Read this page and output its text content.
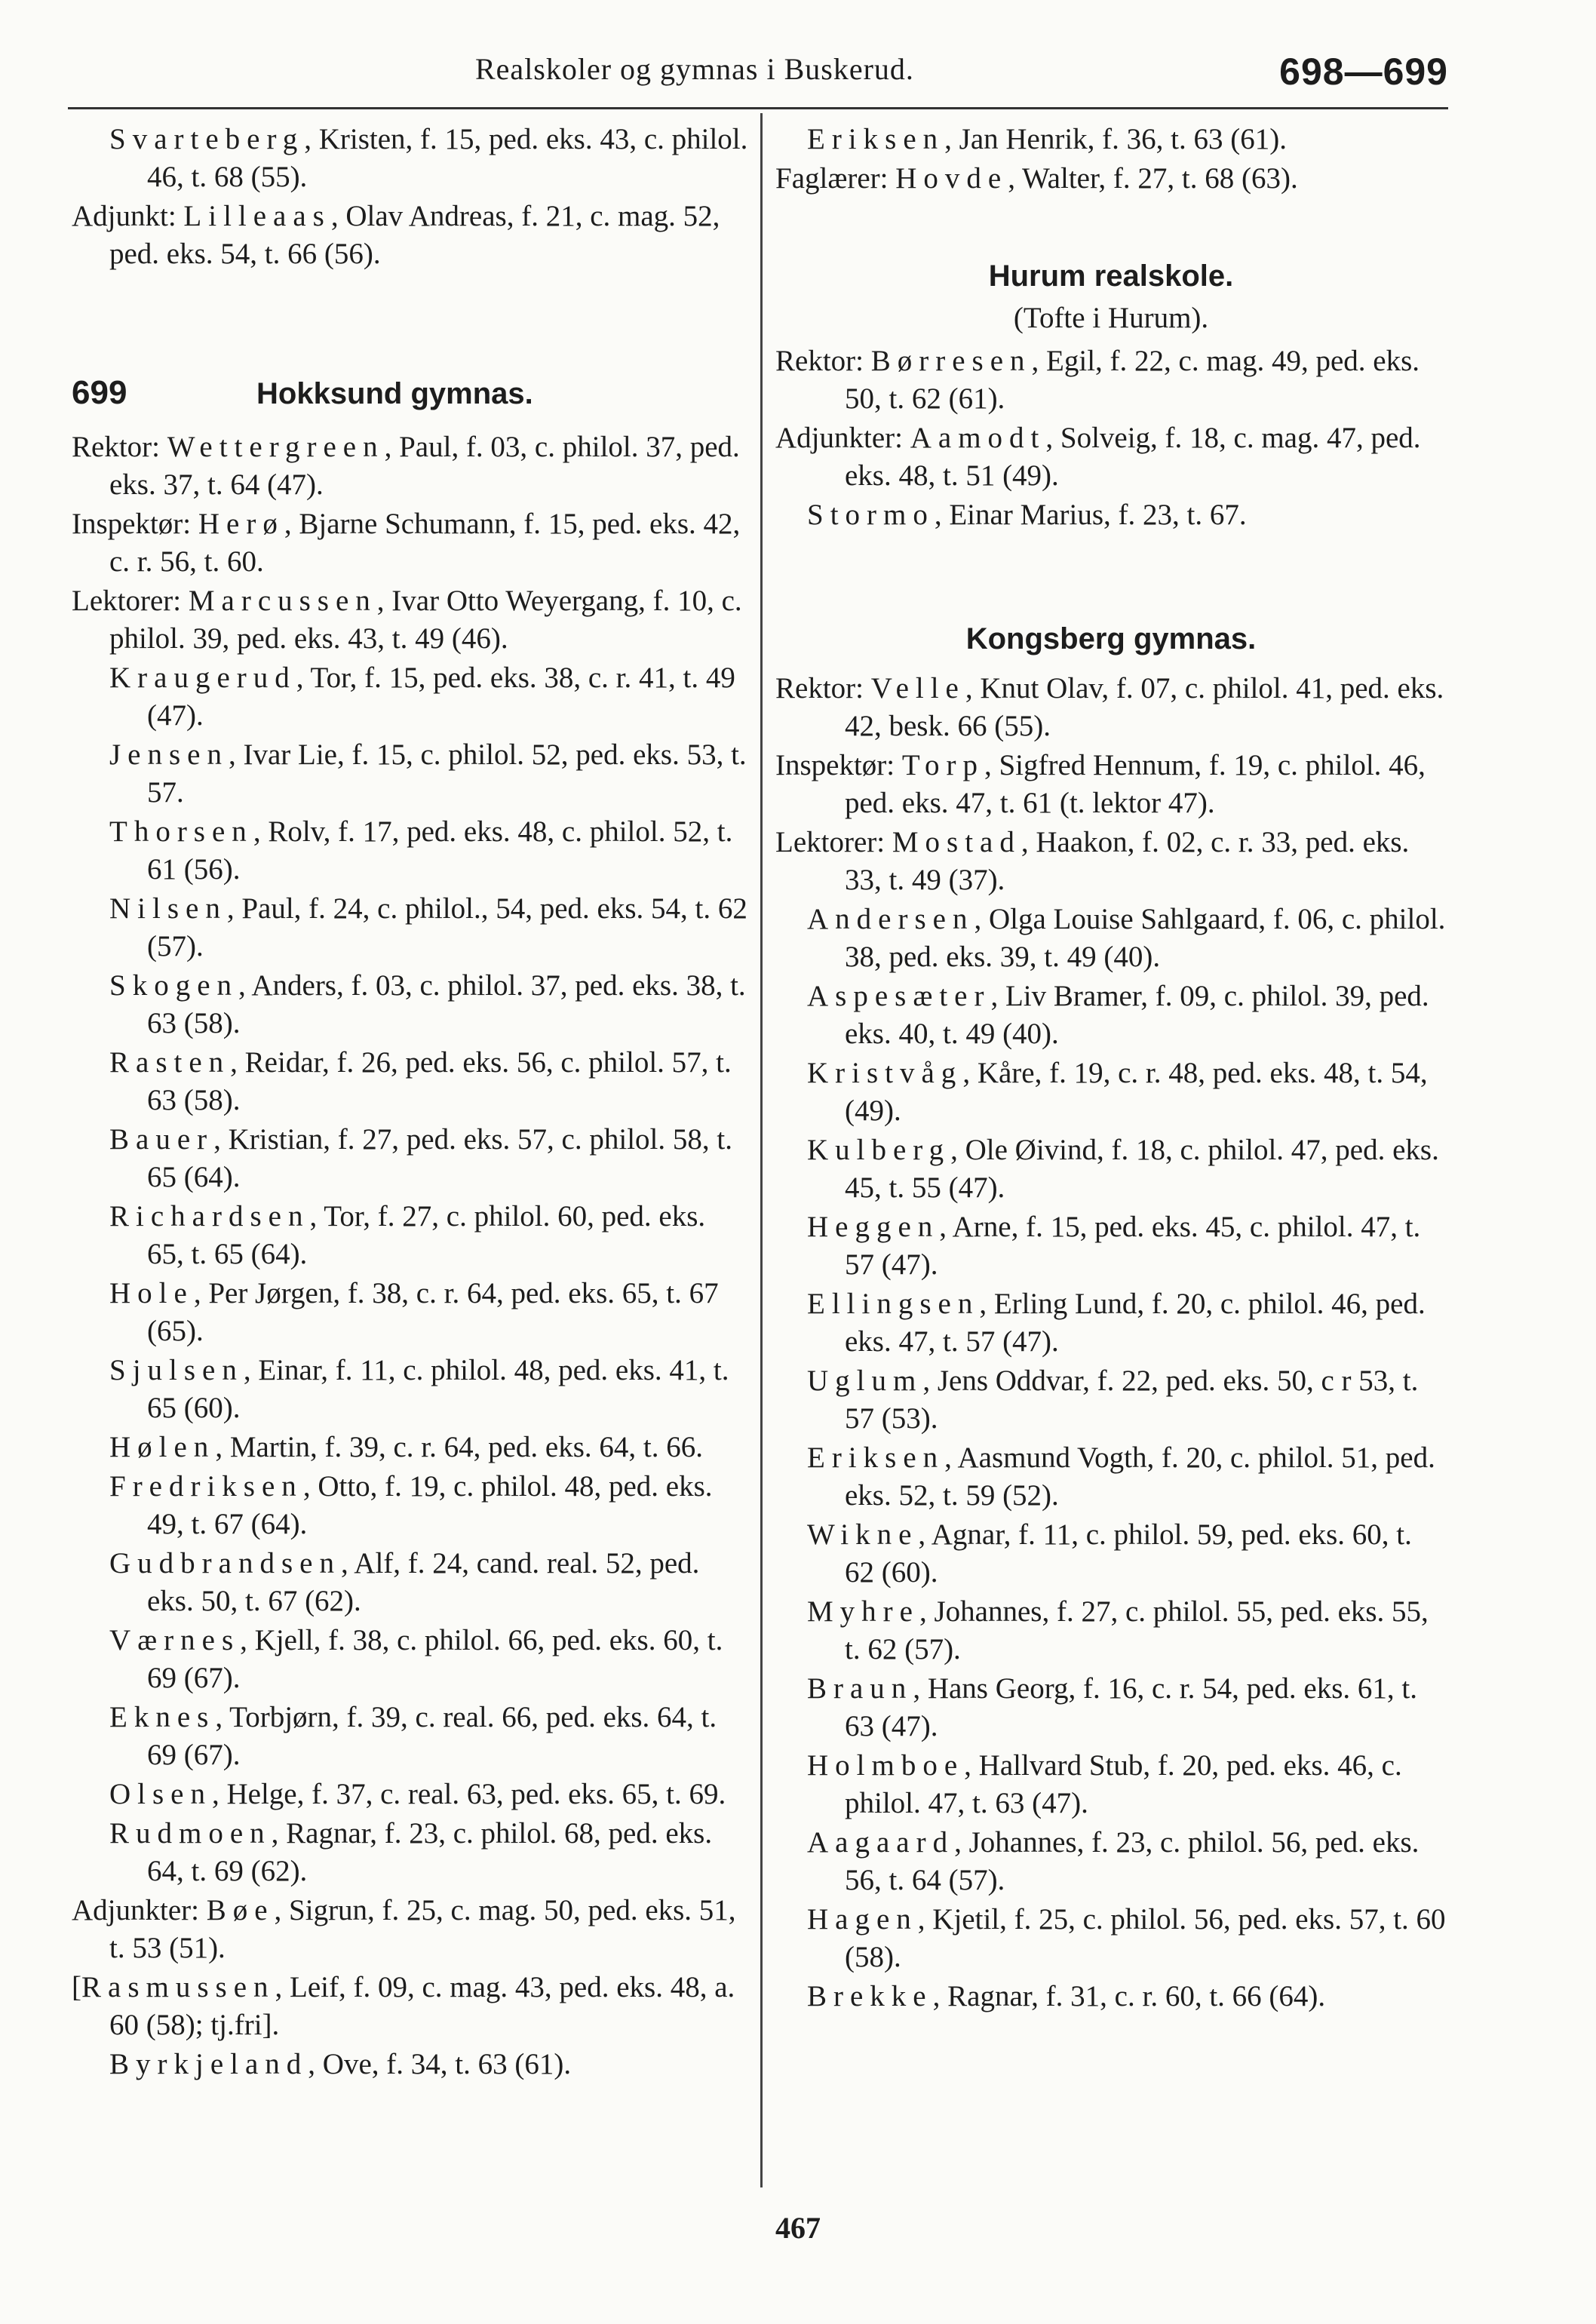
Realskoler og gymnas i Buskerud.	698—699

Svarteberg, Kristen, f. 15, ped. eks. 43, c. philol. 46, t. 68 (55).

Adjunkt: Lilleaas, Olav Andreas, f. 21, c. mag. 52, ped. eks. 54, t. 66 (56).

699	Hokksund gymnas.

Rektor: Wettergreen, Paul, f. 03, c. philol. 37, ped. eks. 37, t. 64 (47).

Inspektør: Herø, Bjarne Schumann, f. 15, ped. eks. 42, c. r. 56, t. 60.

Lektorer: Marcussen, Ivar Otto Weyergang, f. 10, c. philol. 39, ped. eks. 43, t. 49 (46).

Kraugerud, Tor, f. 15, ped. eks. 38, c. r. 41, t. 49 (47).

Jensen, Ivar Lie, f. 15, c. philol. 52, ped. eks. 53, t. 57.

Thorsen, Rolv, f. 17, ped. eks. 48, c. philol. 52, t. 61 (56).

Nilsen, Paul, f. 24, c. philol., 54, ped. eks. 54, t. 62 (57).

Skogen, Anders, f. 03, c. philol. 37, ped. eks. 38, t. 63 (58).

Rasten, Reidar, f. 26, ped. eks. 56, c. philol. 57, t. 63 (58).

Bauer, Kristian, f. 27, ped. eks. 57, c. philol. 58, t. 65 (64).

Richardsen, Tor, f. 27, c. philol. 60, ped. eks. 65, t. 65 (64).

Hole, Per Jørgen, f. 38, c. r. 64, ped. eks. 65, t. 67 (65).

Sjulsen, Einar, f. 11, c. philol. 48, ped. eks. 41, t. 65 (60).

Hølen, Martin, f. 39, c. r. 64, ped. eks. 64, t. 66.

Fredriksen, Otto, f. 19, c. philol. 48, ped. eks. 49, t. 67 (64).

Gudbrandsen, Alf, f. 24, cand. real. 52, ped. eks. 50, t. 67 (62).

Værnes, Kjell, f. 38, c. philol. 66, ped. eks. 60, t. 69 (67).

Eknes, Torbjørn, f. 39, c. real. 66, ped. eks. 64, t. 69 (67).

Olsen, Helge, f. 37, c. real. 63, ped. eks. 65, t. 69.

Rudmoen, Ragnar, f. 23, c. philol. 68, ped. eks. 64, t. 69 (62).

Adjunkter: Bøe, Sigrun, f. 25, c. mag. 50, ped. eks. 51, t. 53 (51).

[Rasmussen, Leif, f. 09, c. mag. 43, ped. eks. 48, a. 60 (58); tj.fri].

Byrkjeland, Ove, f. 34, t. 63 (61).

Eriksen, Jan Henrik, f. 36, t. 63 (61).

Faglærer: Hovde, Walter, f. 27, t. 68 (63).

Hurum realskole.
(Tofte i Hurum).

Rektor: Børresen, Egil, f. 22, c. mag. 49, ped. eks. 50, t. 62 (61).

Adjunkter: Aamodt, Solveig, f. 18, c. mag. 47, ped. eks. 48, t. 51 (49).

Stormo, Einar Marius, f. 23, t. 67.

Kongsberg gymnas.

Rektor: Velle, Knut Olav, f. 07, c. philol. 41, ped. eks. 42, besk. 66 (55).

Inspektør: Torp, Sigfred Hennum, f. 19, c. philol. 46, ped. eks. 47, t. 61 (t. lektor 47).

Lektorer: Mostad, Haakon, f. 02, c. r. 33, ped. eks. 33, t. 49 (37).

Andersen, Olga Louise Sahlgaard, f. 06, c. philol. 38, ped. eks. 39, t. 49 (40).

Aspesæter, Liv Bramer, f. 09, c. philol. 39, ped. eks. 40, t. 49 (40).

Kristvåg, Kåre, f. 19, c. r. 48, ped. eks. 48, t. 54, (49).

Kulberg, Ole Øivind, f. 18, c. philol. 47, ped. eks. 45, t. 55 (47).

Heggen, Arne, f. 15, ped. eks. 45, c. philol. 47, t. 57 (47).

Ellingsen, Erling Lund, f. 20, c. philol. 46, ped. eks. 47, t. 57 (47).

Uglum, Jens Oddvar, f. 22, ped. eks. 50, c r 53, t. 57 (53).

Eriksen, Aasmund Vogth, f. 20, c. philol. 51, ped. eks. 52, t. 59 (52).

Wikne, Agnar, f. 11, c. philol. 59, ped. eks. 60, t. 62 (60).

Myhre, Johannes, f. 27, c. philol. 55, ped. eks. 55, t. 62 (57).

Braun, Hans Georg, f. 16, c. r. 54, ped. eks. 61, t. 63 (47).

Holmboe, Hallvard Stub, f. 20, ped. eks. 46, c. philol. 47, t. 63 (47).

Aagaard, Johannes, f. 23, c. philol. 56, ped. eks. 56, t. 64 (57).

Hagen, Kjetil, f. 25, c. philol. 56, ped. eks. 57, t. 60 (58).

Brekke, Ragnar, f. 31, c. r. 60, t. 66 (64).

467
